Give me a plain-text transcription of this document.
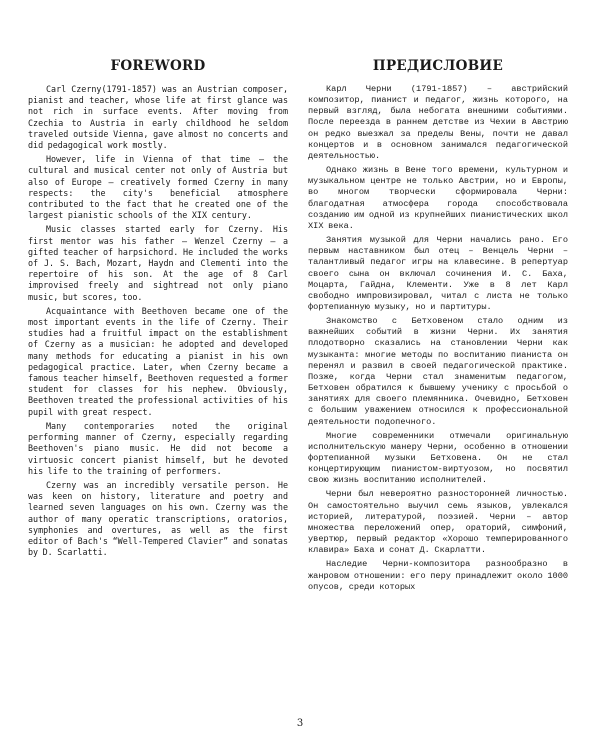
FOREWORD	ПРЕДИСЛОВИЕ

Carl Czerny(1791-1857) was an Austrian composer, pianist and teacher, whose life at first glance was not rich in surface events. After moving from Czechia to Austria in early childhood he seldom traveled outside Vienna, gave almost no concerts and did pedagogical work mostly.

However, life in Vienna of that time – the cultural and musical center not only of Austria but also of Europe – creatively formed Czerny in many respects: the city's beneficial atmosphere contributed to the fact that he created one of the largest pianistic schools of the XIX century.

Music classes started early for Czerny. His first mentor was his father – Wenzel Czerny – a gifted teacher of harpsichord. He included the works of J. S. Bach, Mozart, Haydn and Clementi into the repertoire of his son. At the age of 8 Carl improvised freely and sightread not only piano music, but scores, too.

Acquaintance with Beethoven became one of the most important events in the life of Czerny. Their studies had a fruitful impact on the establishment of Czerny as a musician: he adopted and developed many methods for educating a pianist in his own pedagogical practice. Later, when Czerny became a famous teacher himself, Beethoven requested a former student for classes for his nephew. Obviously, Beethoven treated the professional activities of his pupil with great respect.

Many contemporaries noted the original performing manner of Czerny, especially regarding Beethoven's piano music. He did not become a virtuosic concert pianist himself, but he devoted his life to the training of performers.

Czerny was an incredibly versatile person. He was keen on history, literature and poetry and learned seven languages on his own. Czerny was the author of many operatic transcriptions, oratorios, symphonies and overtures, as well as the first editor of Bach's “Well-Tempered Clavier” and sonatas by D. Scarlatti.

Карл Черни (1791-1857) – австрийский композитор, пианист и педагог, жизнь которого, на первый взгляд, была небогата внешними событиями. После переезда в раннем детстве из Чехии в Австрию он редко выезжал за пределы Вены, почти не давал концертов и в основном занимался педагогической деятельностью.

Однако жизнь в Вене того времени, культурном и музыкальном центре не только Австрии, но и Европы, во многом творчески сформировала Черни: благодатная атмосфера города способствовала созданию им одной из крупнейших пианистических школ XIX века.

Занятия музыкой для Черни начались рано. Его первым наставником был отец – Венцель Черни – талантливый педагог игры на клавесине. В репертуар своего сына он включал сочинения И. С. Баха, Моцарта, Гайдна, Клементи. Уже в 8 лет Карл свободно импровизировал, читал с листа не только фортепианную музыку, но и партитуры.

Знакомство с Бетховеном стало одним из важнейших событий в жизни Черни. Их занятия плодотворно сказались на становлении Черни как музыканта: многие методы по воспитанию пианиста он перенял и развил в своей педагогической практике. Позже, когда Черни стал знаменитым педагогом, Бетховен обратился к бывшему ученику с просьбой о занятиях для своего племянника. Очевидно, Бетховен с большим уважением относился к профессиональной деятельности подопечного.

Многие современники отмечали оригинальную исполнительскую манеру Черни, особенно в отношении фортепианной музыки Бетховена. Он не стал концертирующим пианистом-виртуозом, но посвятил свою жизнь воспитанию исполнителей.

Черни был невероятно разносторонней личностью. Он самостоятельно выучил семь языков, увлекался историей, литературой, поэзией. Черни – автор множества переложений опер, ораторий, симфоний, увертюр, первый редактор «Хорошо темперированного клавира» Баха и сонат Д. Скарлатти.

Наследие Черни-композитора разнообразно в жанровом отношении: его перу принадлежит около 1000 опусов, среди которых

3
